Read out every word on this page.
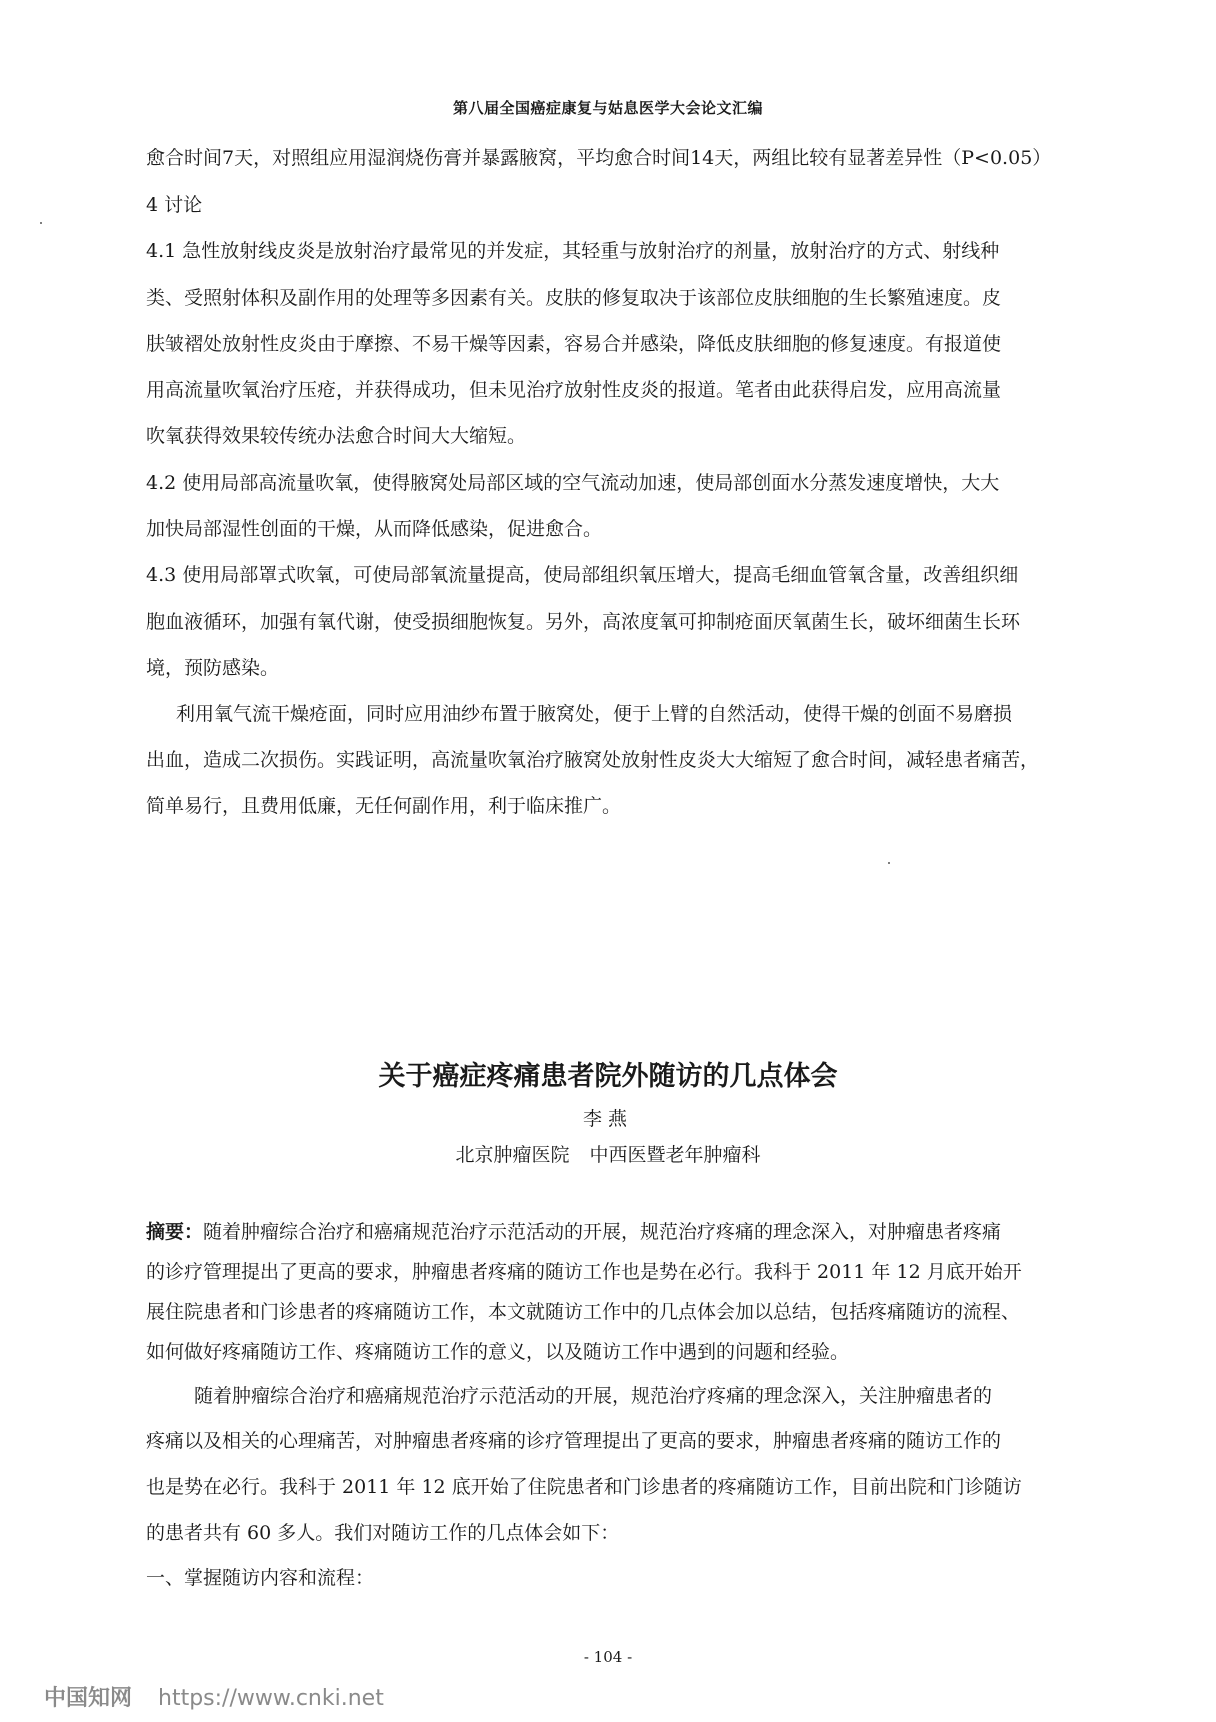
第八届全国癌症康复与姑息医学大会论文汇编

愈合时间7天，对照组应用湿润烧伤膏并暴露腋窝，平均愈合时间14天，两组比较有显著差异性（P<0.05）

4 讨论

4.1 急性放射线皮炎是放射治疗最常见的并发症，其轻重与放射治疗的剂量，放射治疗的方式、射线种

类、受照射体积及副作用的处理等多因素有关。皮肤的修复取决于该部位皮肤细胞的生长繁殖速度。皮

肤皱褶处放射性皮炎由于摩擦、不易干燥等因素，容易合并感染，降低皮肤细胞的修复速度。有报道使

用高流量吹氧治疗压疮，并获得成功，但未见治疗放射性皮炎的报道。笔者由此获得启发，应用高流量

吹氧获得效果较传统办法愈合时间大大缩短。

4.2 使用局部高流量吹氧，使得腋窝处局部区域的空气流动加速，使局部创面水分蒸发速度增快，大大

加快局部湿性创面的干燥，从而降低感染，促进愈合。

4.3 使用局部罩式吹氧，可使局部氧流量提高，使局部组织氧压增大，提高毛细血管氧含量，改善组织细

胞血液循环，加强有氧代谢，使受损细胞恢复。另外，高浓度氧可抑制疮面厌氧菌生长，破坏细菌生长环

境，预防感染。

利用氧气流干燥疮面，同时应用油纱布置于腋窝处，便于上臂的自然活动，使得干燥的创面不易磨损

出血，造成二次损伤。实践证明，高流量吹氧治疗腋窝处放射性皮炎大大缩短了愈合时间，减轻患者痛苦，

简单易行，且费用低廉，无任何副作用，利于临床推广。

关于癌症疼痛患者院外随访的几点体会
李燕
北京肿瘤医院 中西医暨老年肿瘤科

摘要：随着肿瘤综合治疗和癌痛规范治疗示范活动的开展，规范治疗疼痛的理念深入，对肿瘤患者疼痛

的诊疗管理提出了更高的要求，肿瘤患者疼痛的随访工作也是势在必行。我科于 2011 年 12 月底开始开

展住院患者和门诊患者的疼痛随访工作，本文就随访工作中的几点体会加以总结，包括疼痛随访的流程、

如何做好疼痛随访工作、疼痛随访工作的意义，以及随访工作中遇到的问题和经验。

随着肿瘤综合治疗和癌痛规范治疗示范活动的开展，规范治疗疼痛的理念深入，关注肿瘤患者的

疼痛以及相关的心理痛苦，对肿瘤患者疼痛的诊疗管理提出了更高的要求，肿瘤患者疼痛的随访工作的

也是势在必行。我科于 2011 年 12 底开始了住院患者和门诊患者的疼痛随访工作，目前出院和门诊随访

的患者共有 60 多人。我们对随访工作的几点体会如下：

一、掌握随访内容和流程：

- 104 -
中国知网 https://www.cnki.net
